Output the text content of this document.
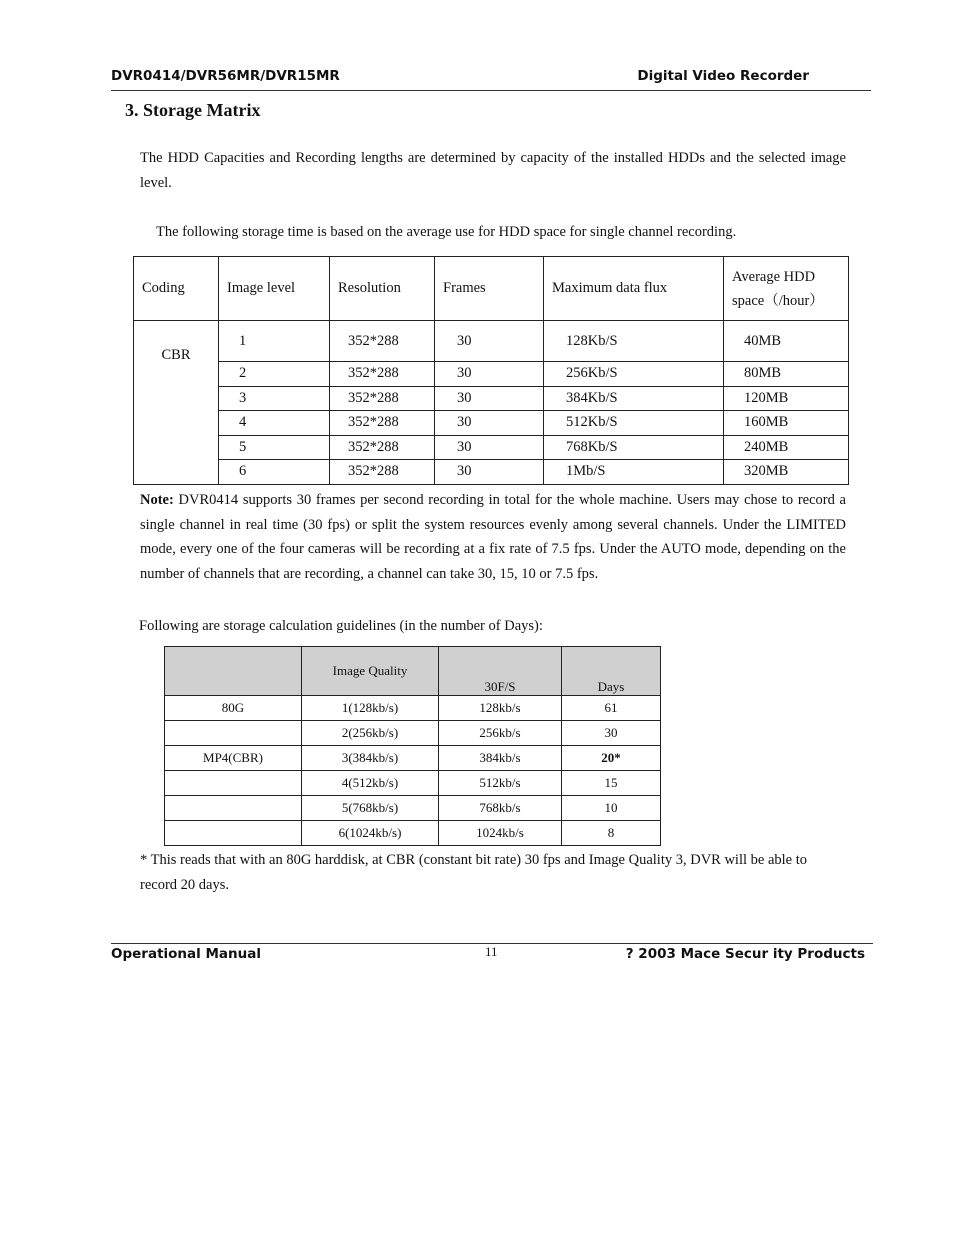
DVR0414/DVR56MR/DVR15MR	Digital Video Recorder
3. Storage Matrix
The HDD Capacities and Recording lengths are determined by capacity of the installed HDDs and the selected image level.
The following storage time is based on the average use for HDD space for single channel recording.
Coding	Image level	Resolution	Frames	Maximum data flux	Average HDD space（/hour）

CBR	1	352*288	30	128Kb/S	40MB
	2	352*288	30	256Kb/S	80MB
	3	352*288	30	384Kb/S	120MB
	4	352*288	30	512Kb/S	160MB
	5	352*288	30	768Kb/S	240MB
	6	352*288	30	1Mb/S	320MB
Note: DVR0414 supports 30 frames per second recording in total for the whole machine. Users may chose to record a single channel in real time (30 fps) or split the system resources evenly among several channels. Under the LIMITED mode, every one of the four cameras will be recording at a fix rate of 7.5 fps. Under the AUTO mode, depending on the number of channels that are recording, a channel can take 30, 15, 10 or 7.5 fps.
Following are storage calculation guidelines (in the number of Days):
	Image Quality	30F/S	Days
80G	1(128kb/s)	128kb/s	61
	2(256kb/s)	256kb/s	30
MP4(CBR)	3(384kb/s)	384kb/s	20*
	4(512kb/s)	512kb/s	15
	5(768kb/s)	768kb/s	10
	6(1024kb/s)	1024kb/s	8
* This reads that with an 80G harddisk, at CBR (constant bit rate) 30 fps and Image Quality 3, DVR will be able to record 20 days.
Operational Manual	11	? 2003 Mace Secur ity Products
